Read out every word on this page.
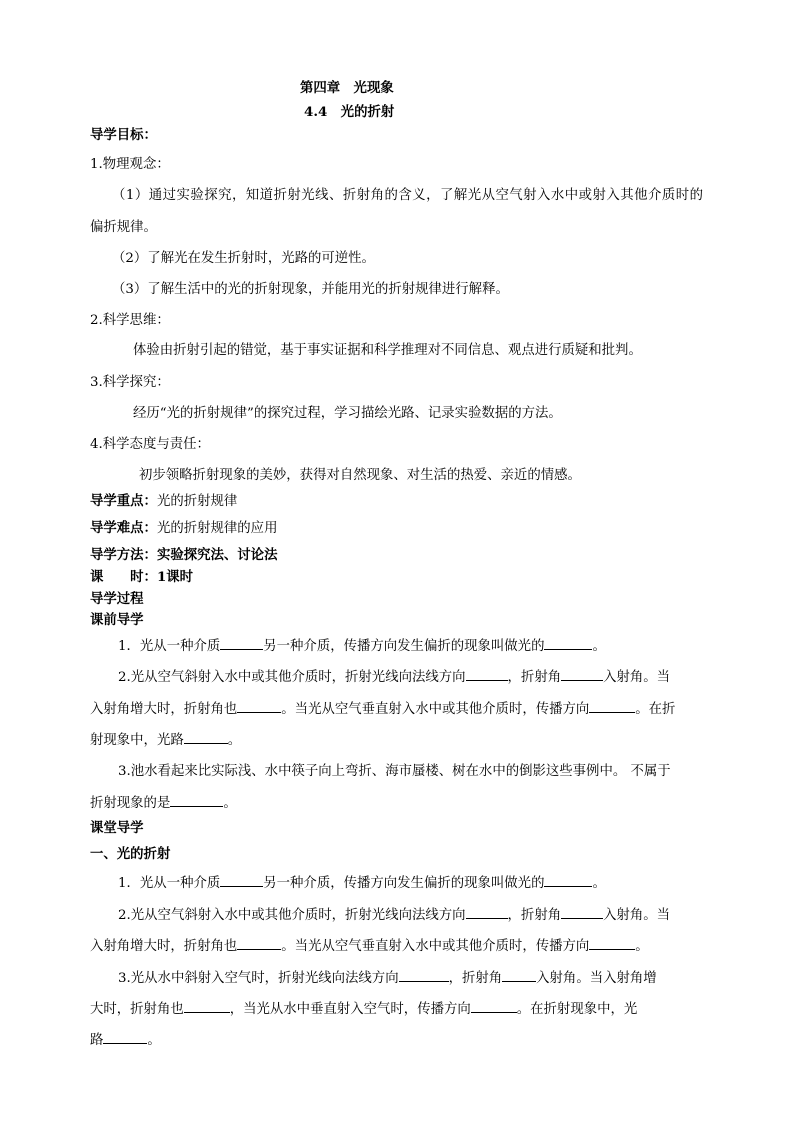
第四章　光现象
4.4　光的折射
导学目标：
1.物理观念：
（1）通过实验探究，知道折射光线、折射角的含义，了解光从空气射入水中或射入其他介质时的
偏折规律。
（2）了解光在发生折射时，光路的可逆性。
（3）了解生活中的光的折射现象，并能用光的折射规律进行解释。
2.科学思维：
体验由折射引起的错觉，基于事实证据和科学推理对不同信息、观点进行质疑和批判。
3.科学探究：
经历“光的折射规律”的探究过程，学习描绘光路、记录实验数据的方法。
4.科学态度与责任：
初步领略折射现象的美妙，获得对自然现象、对生活的热爱、亲近的情感。
导学重点：光的折射规律
导学难点：光的折射规律的应用
导学方法：实验探究法、讨论法
课　　时：1课时
导学过程
课前导学
1．光从一种介质	另一种介质，传播方向发生偏折的现象叫做光的	。
2.光从空气斜射入水中或其他介质时，折射光线向法线方向	，折射角	入射角。当
入射角增大时，折射角也	。当光从空气垂直射入水中或其他介质时，传播方向	。在折
射现象中，光路	。
3.池水看起来比实际浅、水中筷子向上弯折、海市蜃楼、树在水中的倒影这些事例中。 不属于
折射现象的是	。
课堂导学
一、光的折射
1．光从一种介质	另一种介质，传播方向发生偏折的现象叫做光的	。
2.光从空气斜射入水中或其他介质时，折射光线向法线方向	，折射角	入射角。当
入射角增大时，折射角也	。当光从空气垂直射入水中或其他介质时，传播方向	。
3.光从水中斜射入空气时，折射光线向法线方向	，折射角	入射角。当入射角增
大时，折射角也	，当光从水中垂直射入空气时，传播方向	。在折射现象中，光
路	。
